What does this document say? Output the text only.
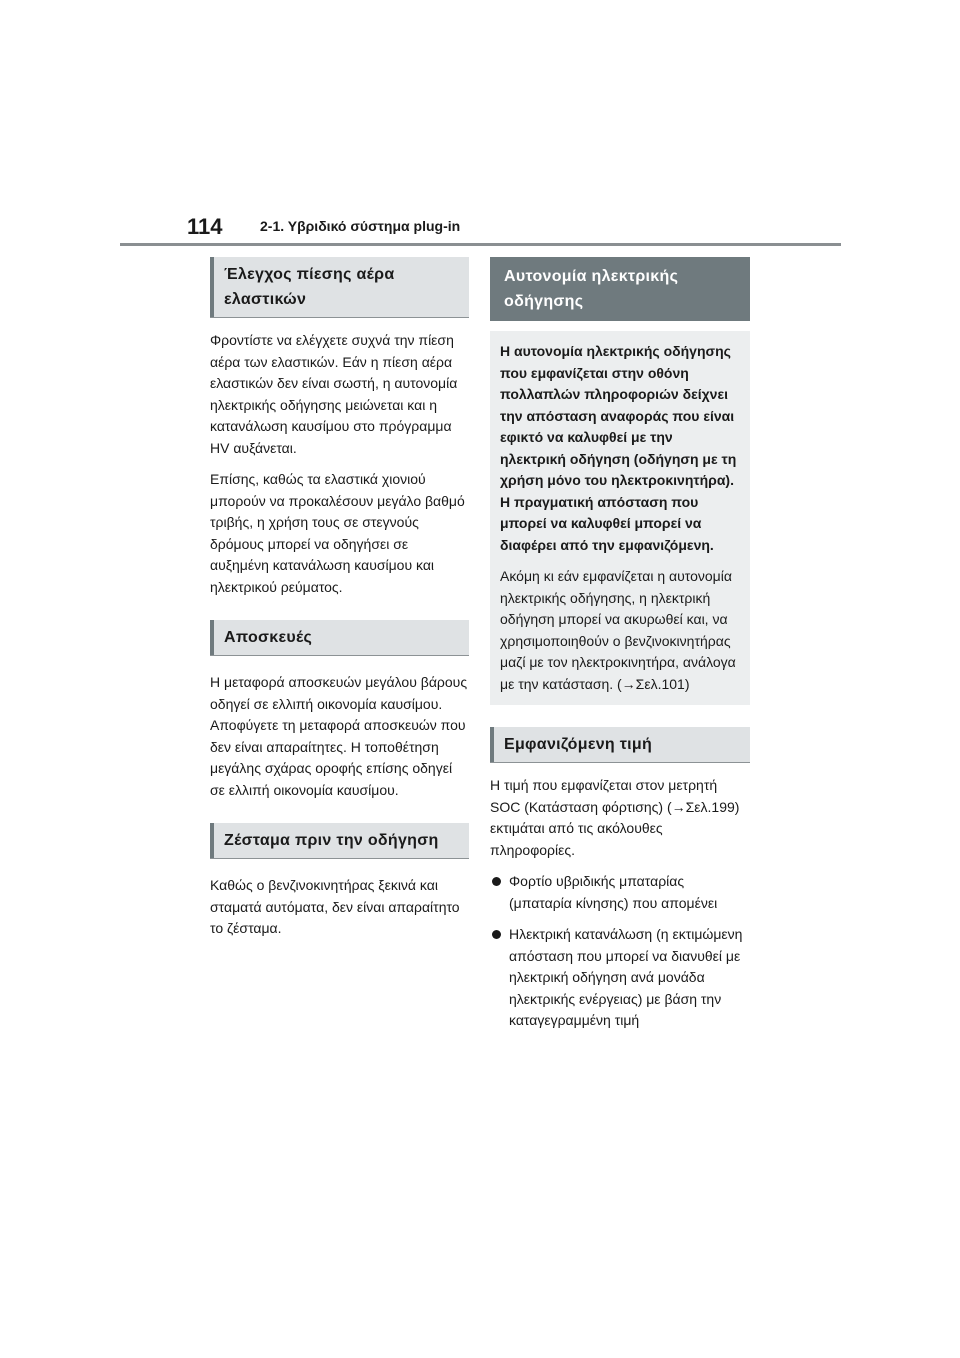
114	2-1. Υβριδικό σύστημα plug-in
Έλεγχος πίεσης αέρα ελαστικών

Φροντίστε να ελέγχετε συχνά την πίεση αέρα των ελαστικών. Εάν η πίεση αέρα ελαστικών δεν είναι σωστή, η αυτονομία ηλεκτρικής οδήγησης μειώνεται και η κατανάλωση καυσίμου στο πρόγραμμα HV αυξάνεται.

Επίσης, καθώς τα ελαστικά χιονιού μπορούν να προκαλέσουν μεγάλο βαθμό τριβής, η χρήση τους σε στεγνούς δρόμους μπορεί να οδηγήσει σε αυξημένη κατανάλωση καυσίμου και ηλεκτρικού ρεύματος.

Αποσκευές

Η μεταφορά αποσκευών μεγάλου βάρους οδηγεί σε ελλιπή οικονομία καυσίμου. Αποφύγετε τη μεταφορά αποσκευών που δεν είναι απαραίτητες. Η τοποθέτηση μεγάλης σχάρας οροφής επίσης οδηγεί σε ελλιπή οικονομία καυσίμου.

Ζέσταμα πριν την οδήγηση

Καθώς ο βενζινοκινητήρας ξεκινά και σταματά αυτόματα, δεν είναι απαραίτητο το ζέσταμα.

Αυτονομία ηλεκτρικής οδήγησης

Η αυτονομία ηλεκτρικής οδήγησης που εμφανίζεται στην οθόνη πολλαπλών πληροφοριών δείχνει την απόσταση αναφοράς που είναι εφικτό να καλυφθεί με την ηλεκτρική οδήγηση (οδήγηση με τη χρήση μόνο του ηλεκτροκινητήρα). Η πραγματική απόσταση που μπορεί να καλυφθεί μπορεί να διαφέρει από την εμφανιζόμενη.

Ακόμη κι εάν εμφανίζεται η αυτονομία ηλεκτρικής οδήγησης, η ηλεκτρική οδήγηση μπορεί να ακυρωθεί και, να χρησιμοποιηθούν ο βενζινοκινητήρας μαζί με τον ηλεκτροκινητήρα, ανάλογα με την κατάσταση. (→Σελ.101)

Εμφανιζόμενη τιμή

Η τιμή που εμφανίζεται στον μετρητή SOC (Κατάσταση φόρτισης) (→Σελ.199) εκτιμάται από τις ακόλουθες πληροφορίες.

Φορτίο υβριδικής μπαταρίας (μπαταρία κίνησης) που απομένει
Ηλεκτρική κατανάλωση (η εκτιμώμενη απόσταση που μπορεί να διανυθεί με ηλεκτρική οδήγηση ανά μονάδα ηλεκτρικής ενέργειας) με βάση την καταγεγραμμένη τιμή
